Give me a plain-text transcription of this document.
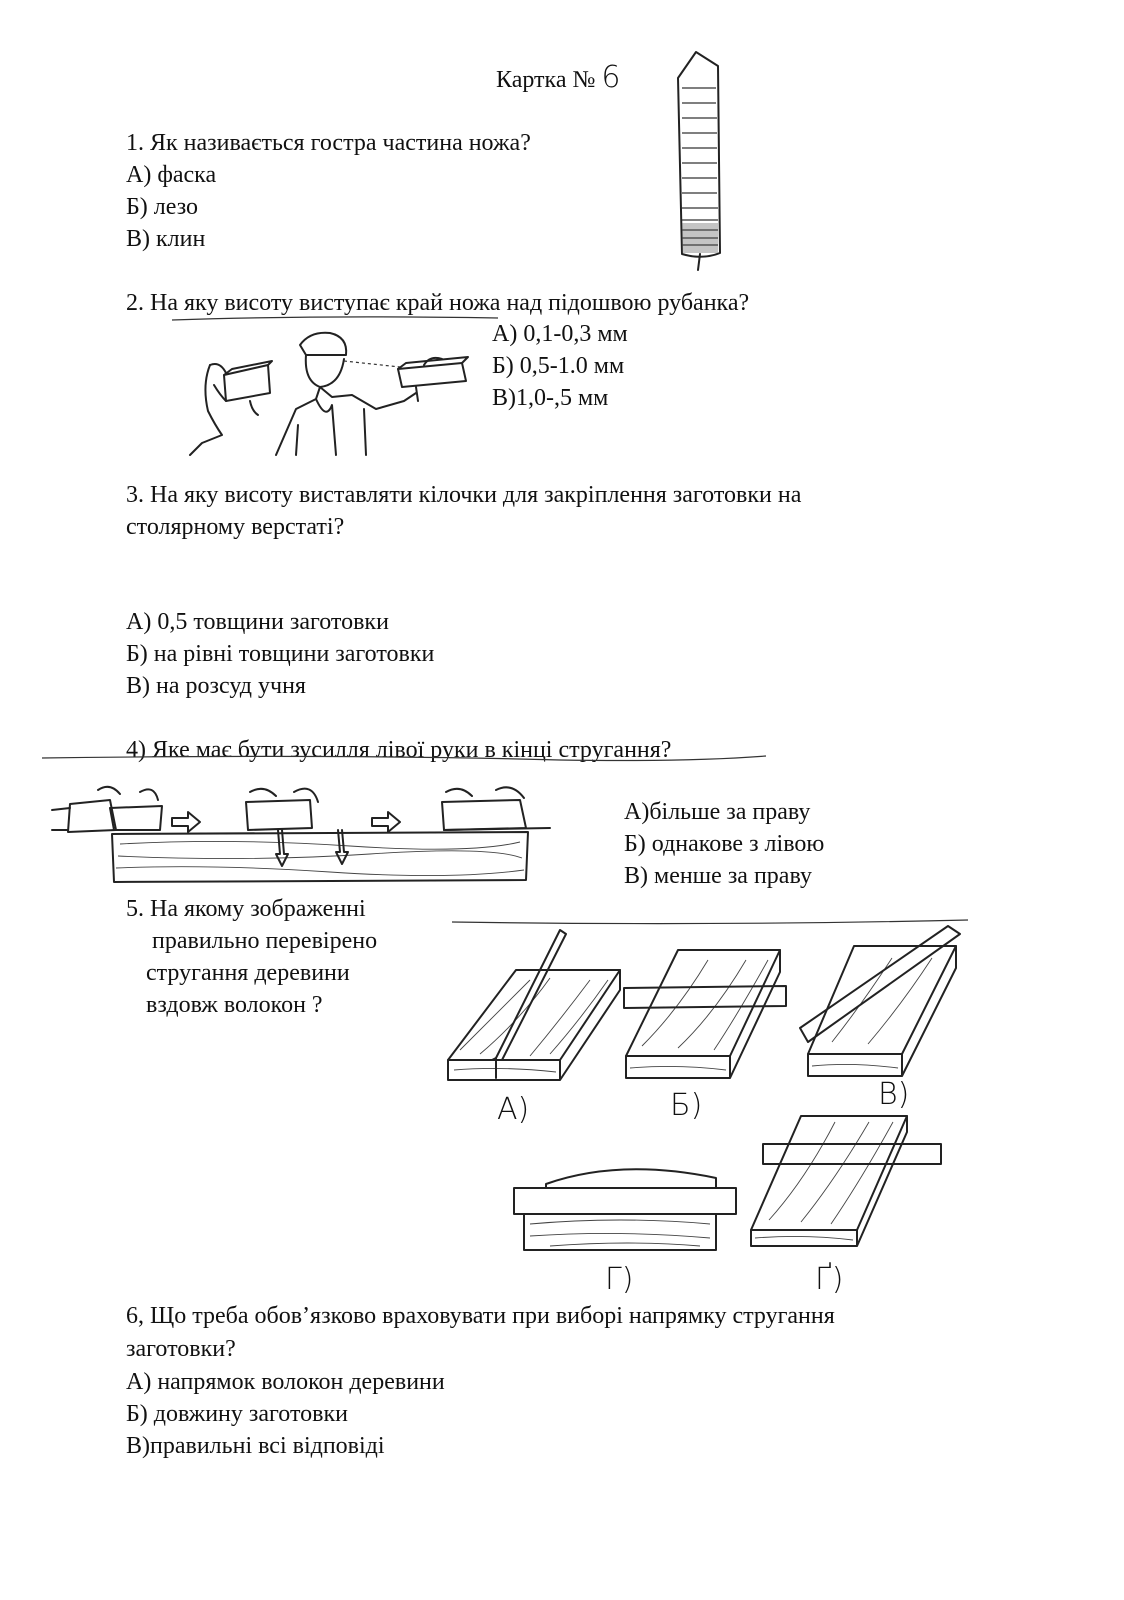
Картка № 6
1. Як називається гостра частина ножа?
А) фаска
Б) лезо
В) клин
2. На яку висоту виступає край ножа над підошвою рубанка?
А) 0,1-0,3 мм
Б) 0,5-1.0 мм
В)1,0-,5 мм
3. На яку висоту виставляти кілочки для закріплення заготовки на
столярному верстаті?
А) 0,5 товщини заготовки
Б) на рівні товщини заготовки
В) на розсуд учня
4) Яке має бути зусилля лівої руки в кінці стругання?
А)більше за праву
Б) однакове з лівою
В) менше за праву
5. На якому зображенні
правильно перевірено
стругання деревини
вздовж волокон ?
А)	Б)	В)
Г)	Ґ)
6, Що треба обов’язково враховувати при виборі напрямку стругання
заготовки?
А) напрямок волокон деревини
Б) довжину заготовки
В)правильні всі відповіді
